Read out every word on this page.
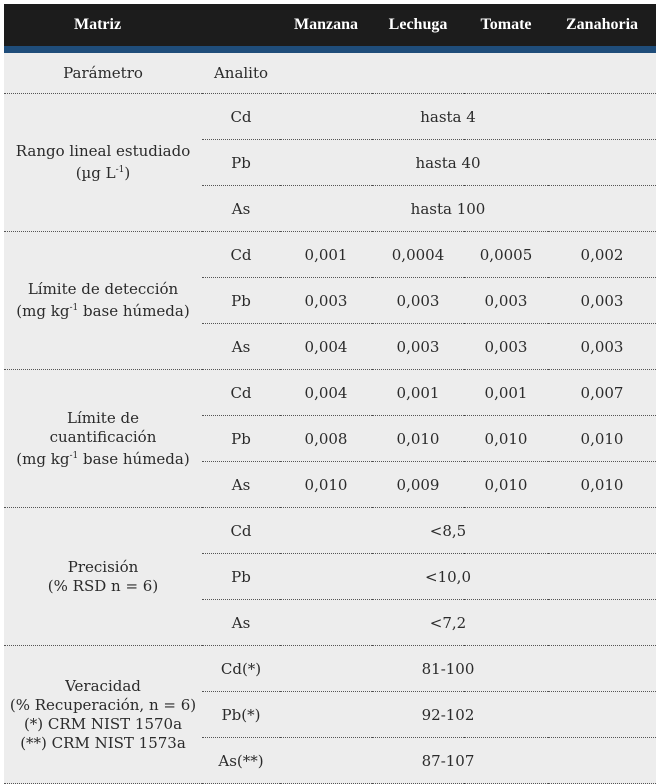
Matriz		Manzana	Lechuga	Tomate	Zanahoria

Parámetro	Analito				

Rango lineal estudiado
(µg $L^{-1}$)	Cd	hasta 4			
	Pb	hasta 40			
	As	hasta 100			

Límite de detección
(mg $kg^{-1}$ base húmeda)	Cd	0,001	0,0004	0,0005	0,002
	Pb	0,003	0,003	0,003	0,003
	As	0,004	0,003	0,003	0,003

Límite de
cuantificación
(mg $kg^{-1}$ base húmeda)	Cd	0,004	0,001	0,001	0,007
	Pb	0,008	0,010	0,010	0,010
	As	0,010	0,009	0,010	0,010

Precisión
(% RSD n = 6)	Cd	<8,5			
	Pb	<10,0			
	As	<7,2			

Veracidad
(% Recuperación, n = 6)
(*) CRM NIST 1570a
(**) CRM NIST 1573a	Cd(*)	81-100			
	Pb(*)	92-102			
	As(**)	87-107			
